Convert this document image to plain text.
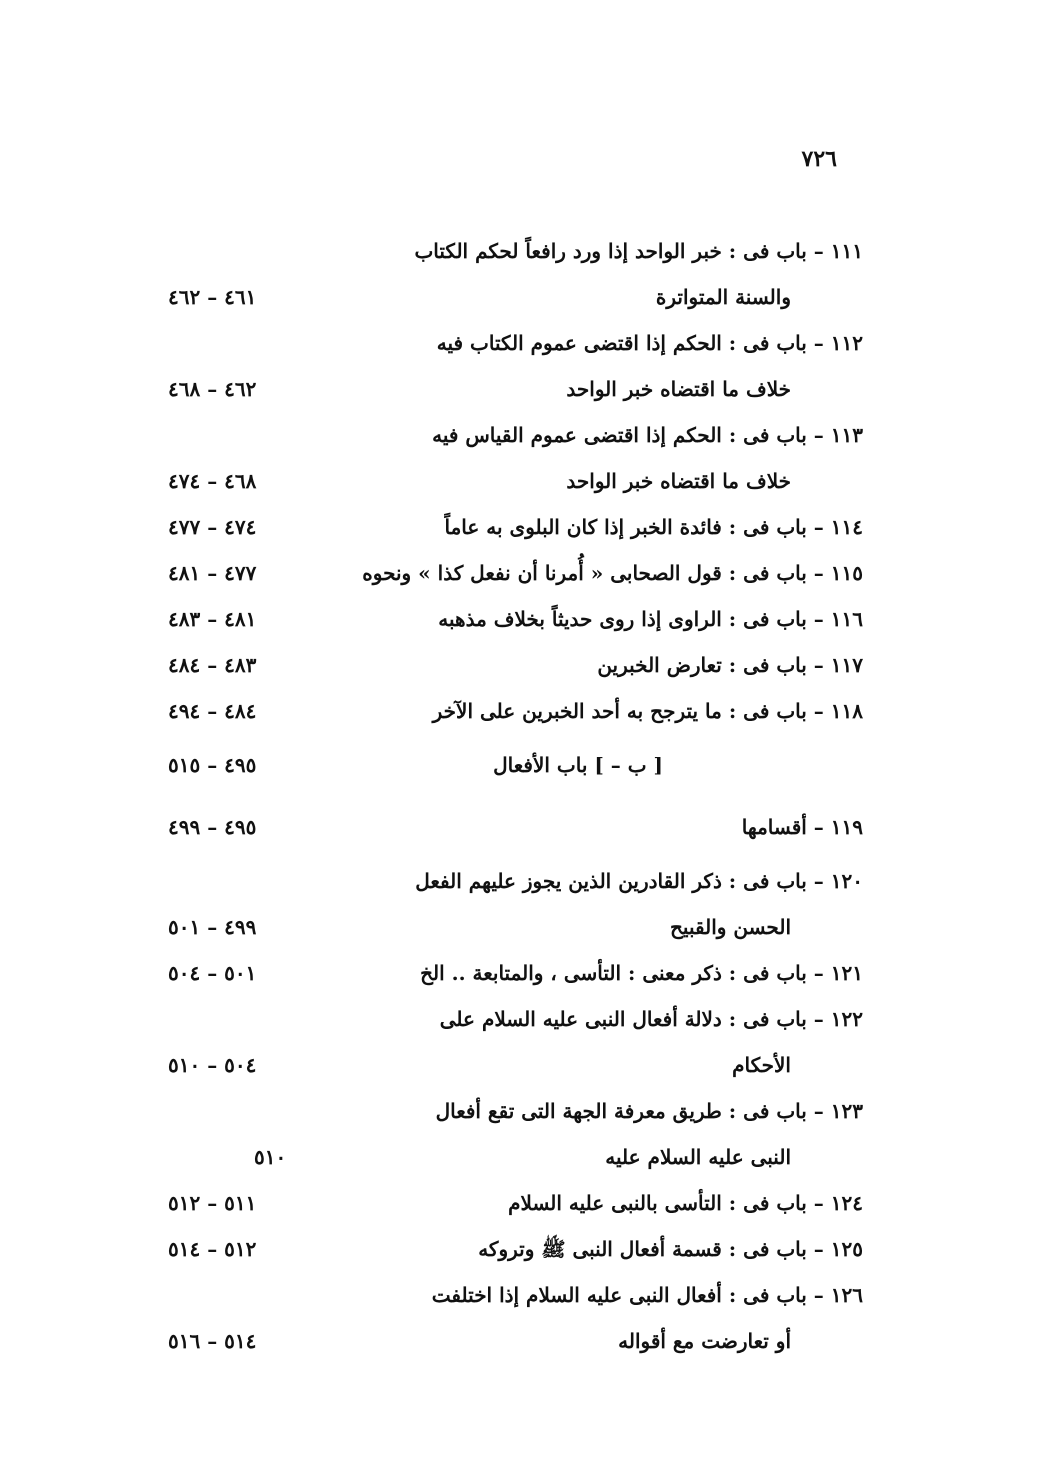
٧٢٦
١١١ – باب فى : خبر الواحد إذا ورد رافعاً لحكم الكتاب
والسنة المتواترة
٤٦١ – ٤٦٢
١١٢ – باب فى : الحكم إذا اقتضى عموم الكتاب فيه
خلاف ما اقتضاه خبر الواحد
٤٦٢ – ٤٦٨
١١٣ – باب فى : الحكم إذا اقتضى عموم القياس فيه
خلاف ما اقتضاه خبر الواحد
٤٦٨ – ٤٧٤
١١٤ – باب فى : فائدة الخبر إذا كان البلوى به عاماً
٤٧٤ – ٤٧٧
١١٥ – باب فى : قول الصحابى « أُمرنا أن نفعل كذا » ونحوه
٤٧٧ – ٤٨١
١١٦ – باب فى : الراوى إذا روى حديثاً بخلاف مذهبه
٤٨١ – ٤٨٣
١١٧ – باب فى : تعارض الخبرين
٤٨٣ – ٤٨٤
١١٨ – باب فى : ما يترجح به أحد الخبرين على الآخر
٤٨٤ – ٤٩٤
[ ب – ] باب الأفعال
٤٩٥ – ٥١٥
١١٩ – أقسامها
٤٩٥ – ٤٩٩
١٢٠ – باب فى : ذكر القادرين الذين يجوز عليهم الفعل
الحسن والقبيح
٤٩٩ – ٥٠١
١٢١ – باب فى : ذكر معنى : التأسى ، والمتابعة .. الخ
٥٠١ – ٥٠٤
١٢٢ – باب فى : دلالة أفعال النبى عليه السلام على
الأحكام
٥٠٤ – ٥١٠
١٢٣ – باب فى : طريق معرفة الجهة التى تقع أفعال
النبى عليه السلام عليه
٥١٠
١٢٤ – باب فى : التأسى بالنبى عليه السلام
٥١١ – ٥١٢
١٢٥ – باب فى : قسمة أفعال النبى ﷺ وتروكه
٥١٢ – ٥١٤
١٢٦ – باب فى : أفعال النبى عليه السلام إذا اختلفت
أو تعارضت مع أقواله
٥١٤ – ٥١٦
